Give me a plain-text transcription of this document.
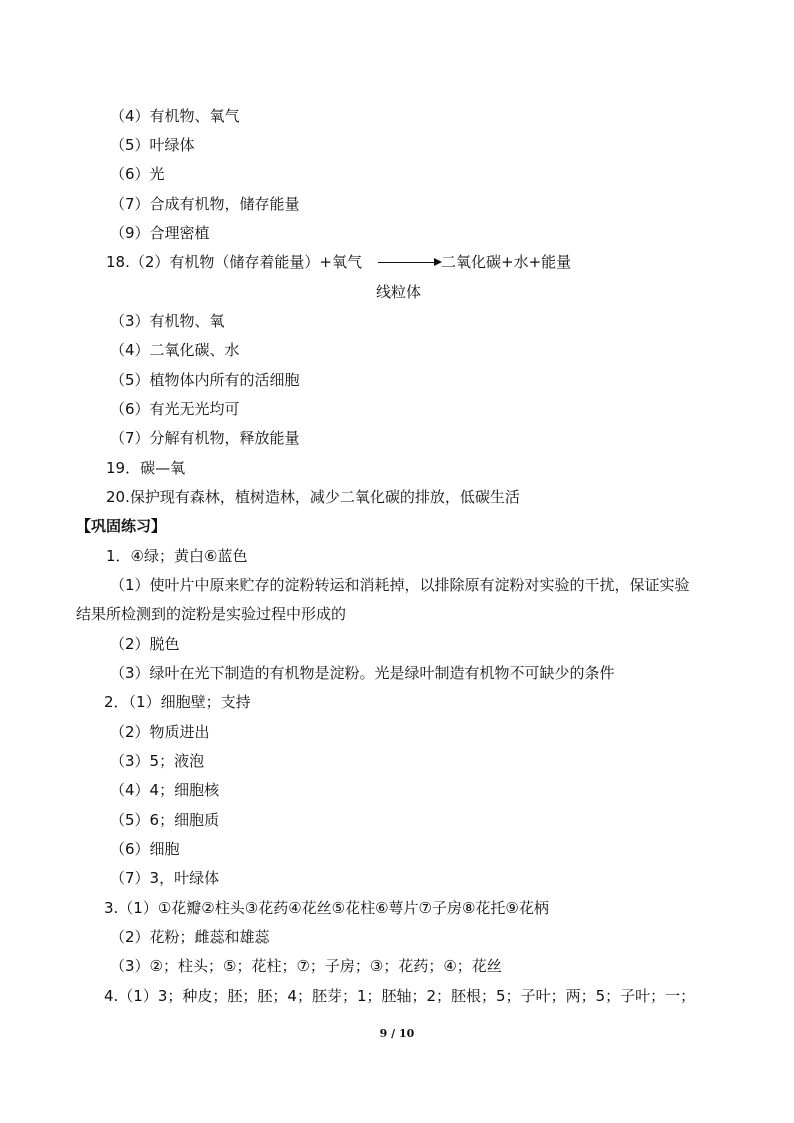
（4）有机物、氧气
（5）叶绿体
（6）光
（7）合成有机物，储存能量
（9）合理密植
18.（2）有机物（储存着能量）+氧气 → 二氧化碳+水+能量
线粒体
（3）有机物、氧
（4）二氧化碳、水
（5）植物体内所有的活细胞
（6）有光无光均可
（7）分解有机物，释放能量
19．碳—氧
20.保护现有森林，植树造林，减少二氧化碳的排放，低碳生活
【巩固练习】
1．④绿；黄白⑥蓝色
（1）使叶片中原来贮存的淀粉转运和消耗掉，以排除原有淀粉对实验的干扰，保证实验
结果所检测到的淀粉是实验过程中形成的
（2）脱色
（3）绿叶在光下制造的有机物是淀粉。光是绿叶制造有机物不可缺少的条件
2．（1）细胞壁；支持
（2）物质进出
（3）5；液泡
（4）4；细胞核
（5）6；细胞质
（6）细胞
（7）3，叶绿体
3.（1）①花瓣②柱头③花药④花丝⑤花柱⑥萼片⑦子房⑧花托⑨花柄
（2）花粉；雌蕊和雄蕊
（3）②；柱头；⑤；花柱；⑦；子房；③；花药；④；花丝
4.（1）3；种皮；胚；胚；4；胚芽；1；胚轴；2；胚根；5；子叶；两；5；子叶；一；
9 / 10
